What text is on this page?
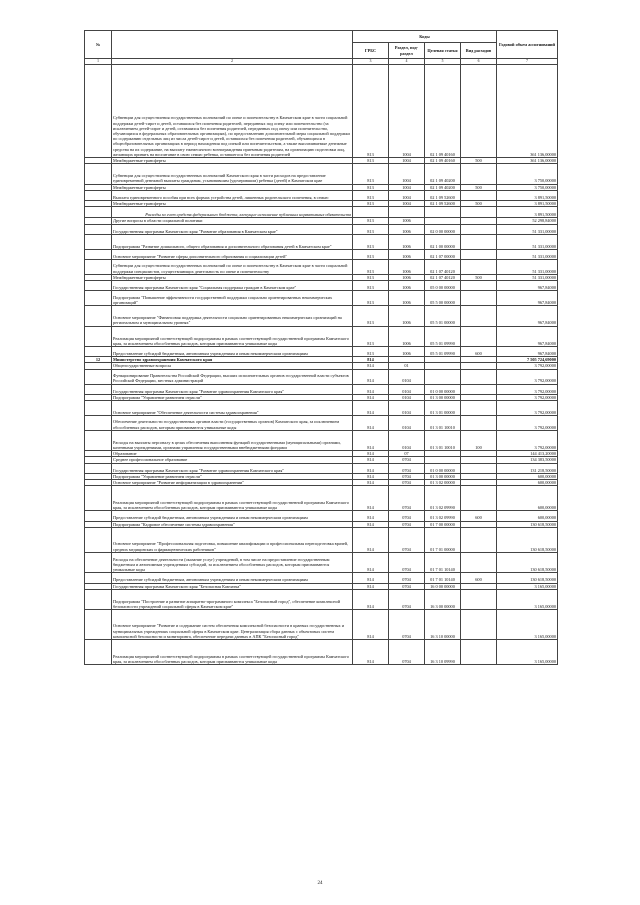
№		Коды				Годовой объем ассигнований
		ГРБС	Раздел, под-раздел	Целевая статья	Вид расходов	
1	2	3	4	5	6	7
	Субвенции для осуществления государственных полномочий по опеке и попечительству в Камчатском крае в части социальной поддержки детей-сирот и детей, оставшихся без попечения родителей, переданных под опеку или попечительство (за исключением детей-сирот и детей, оставшихся без попечения родителей, переданных под опеку или попечительство, обучающихся в федеральных образовательных организациях), по предоставлению дополнительной меры социальной поддержки по содержанию отдельных лиц из числа детей-сирот и детей, оставшихся без попечения родителей, обучающихся в общеобразовательных организациях в период нахождения под опекой или попечительством, а также выплачиваемые денежные средства на их содержание, на выплату ежемесячного вознаграждения приемным родителям, на организацию подготовки лиц, желающих принять на воспитание в свою семью ребенка, оставшегося без попечения родителей	813	1004	02 1 09 40160		361 136,00000
	Межбюджетные трансферты	813	1004	02 1 09 40160	500	361 136,00000
	Субвенции для осуществления государственных полномочий Камчатского края в части расходов на предоставление единовременной денежной выплаты гражданам, усыновившим (удочерившим) ребенка (детей) в Камчатском крае	813	1004	02 1 09 40200		3 750,00000
	Межбюджетные трансферты	813	1004	02 1 09 40200	500	3 750,00000
	Выплата единовременного пособия при всех формах устройства детей, лишенных родительского попечения, в семью	813	1004	02 1 09 52600		3 891,50000
	Межбюджетные трансферты	813	1004	02 1 09 52600	500	3 891,50000
	Расходы за счет средств федерального бюджета, влекущие исполнение публичных нормативных обязательств					3 891,50000
	Другие вопросы в области социальной политики	813	1006			52 298,84000
	Государственная программа Камчатского края "Развитие образования в Камчатском крае"	813	1006	02 0 00 00000		51 331,00000
	Подпрограмма "Развитие дошкольного, общего образования и дополнительного образования детей в Камчатском крае"	813	1006	02 1 00 00000		51 331,00000
	Основное мероприятие "Развитие сферы дополнительного образования и социализации детей"	813	1006	02 1 07 00000		51 331,00000
	Субвенции для осуществления государственных полномочий по опеке и попечительству в Камчатском крае в части социальной поддержки специалистов, осуществляющих деятельность по опеке и попечительству	813	1006	02 1 07 40120		51 331,00000
	Межбюджетные трансферты	813	1006	02 1 07 40120	500	51 331,00000
	Государственная программа Камчатского края "Социальная поддержка граждан в Камчатском крае"	813	1006	05 0 00 00000		967,84000
	Подпрограмма "Повышение эффективности государственной поддержки социально ориентированных некоммерческих организаций"	813	1006	05 5 00 00000		967,84000
	Основное мероприятие "Финансовая поддержка деятельности социально ориентированных некоммерческих организаций на региональном и муниципальном уровнях"	813	1006	05 5 01 00000		967,84000
	Реализация мероприятий соответствующей подпрограммы в рамках соответствующей государственной программы Камчатского края, за исключением обособленных расходов, которым присваиваются уникальные коды	813	1006	05 5 01 09990		967,84000
	Предоставление субсидий бюджетным, автономным учреждениям и иным некоммерческим организациям	813	1006	05 5 01 09990	600	967,84000
12	Министерство здравоохранения Камчатского края	814				7 505 724,69000
	Общегосударственные вопросы	814	01			3 792,00000
	Функционирование Правительства Российской Федерации, высших исполнительных органов государственной власти субъектов Российской Федерации, местных администраций	814	0104			3 792,00000
	Государственная программа Камчатского края "Развитие здравоохранения Камчатского края"	814	0104	01 0 00 00000		3 792,00000
	Подпрограмма "Управление развитием отрасли"	814	0104	01 3 00 00000		3 792,00000
	Основное мероприятие "Обеспечение деятельности системы здравоохранения"	814	0104	01 3 01 00000		3 792,00000
	Обеспечение деятельности государственных органов власти (государственных органов) Камчатского края, за исключением обособленных расходов, которым присваиваются уникальные коды	814	0104	01 3 01 10010		3 792,00000
	Расходы на выплаты персоналу в целях обеспечения выполнения функций государственными (муниципальными) органами, казенными учреждениями, органами управления государственными внебюджетными фондами	814	0104	01 3 01 10010	100	3 792,00000
	Образование	814	07			144 413,20000
	Среднее профессиональное образование	814	0704			134 383,50000
	Государственная программа Камчатского края "Развитие здравоохранения Камчатского края"	814	0704	01 0 00 00000		131 218,50000
	Подпрограмма "Управление развитием отрасли"	814	0704	01 3 00 00000		600,00000
	Основное мероприятие "Развитие информатизации в здравоохранении"	814	0704	01 3 02 00000		600,00000
	Реализация мероприятий соответствующей подпрограммы в рамках соответствующей государственной программы Камчатского края, за исключением обособленных расходов, которым присваиваются уникальные коды	814	0704	01 3 02 09990		600,00000
	Предоставление субсидий бюджетным, автономным учреждениям и иным некоммерческим организациям	814	0704	01 3 02 09990	600	600,00000
	Подпрограмма "Кадровое обеспечение системы здравоохранения"	814	0704	01 7 00 00000		130 618,50000
	Основное мероприятие "Профессиональная подготовка, повышение квалификации и профессиональная переподготовка врачей, средних медицинских и фармацевтических работников"	814	0704	01 7 01 00000		130 618,50000
	Расходы на обеспечение деятельности (оказание услуг) учреждений, в том числе на предоставление государственным бюджетным и автономным учреждениям субсидий, за исключением обособленных расходов, которым присваиваются уникальные коды	814	0704	01 7 01 10140		130 618,50000
	Предоставление субсидий бюджетным, автономным учреждениям и иным некоммерческим организациям	814	0704	01 7 01 10140	600	130 618,50000
	Государственная программа Камчатского края "Безопасная Камчатка"	814	0704	16 0 00 00000		3 165,00000
	Подпрограмма "Построение и развитие аппаратно-программного комплекса "Безопасный город", обеспечение комплексной безопасности учреждений социальной сферы в Камчатском крае"	814	0704	16 3 00 00000		3 165,00000
	Основное мероприятие "Развитие и содержание систем обеспечения комплексной безопасности в краевых государственных и муниципальных учреждениях социальной сферы в Камчатском крае. Централизация сбора данных с объектовых систем комплексной безопасности и мониторинга, обеспечение передачи данных в АПК "Безопасный город"	814	0704	16 3 10 00000		3 165,00000
	Реализация мероприятий соответствующей подпрограммы в рамках соответствующей государственной программы Камчатского края, за исключением обособленных расходов, которым присваиваются уникальные коды	814	0704	16 3 10 09990		3 165,00000
24
